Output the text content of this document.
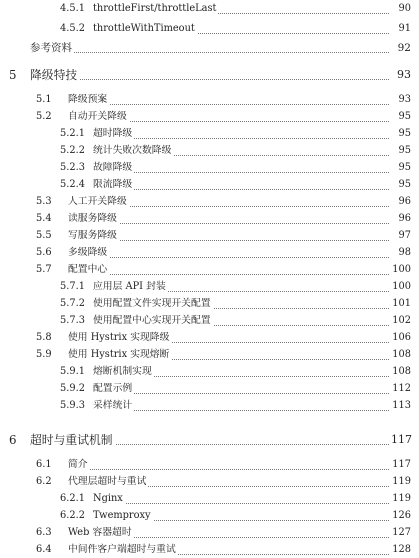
4.5.1 throttleFirst/throttleLast	90
4.5.2 throttleWithTimeout	91
参考资料	92
5 降级特技	93
5.1 降级预案	93
5.2 自动开关降级	95
5.2.1 超时降级	95
5.2.2 统计失败次数降级	95
5.2.3 故障降级	95
5.2.4 限流降级	95
5.3 人工开关降级	96
5.4 读服务降级	96
5.5 写服务降级	97
5.6 多级降级	98
5.7 配置中心	100
5.7.1 应用层 API 封装	100
5.7.2 使用配置文件实现开关配置	101
5.7.3 使用配置中心实现开关配置	102
5.8 使用 Hystrix 实现降级	106
5.9 使用 Hystrix 实现熔断	108
5.9.1 熔断机制实现	108
5.9.2 配置示例	112
5.9.3 采样统计	113
6 超时与重试机制	117
6.1 简介	117
6.2 代理层超时与重试	119
6.2.1 Nginx	119
6.2.2 Twemproxy	126
6.3 Web 容器超时	127
6.4 中间件客户端超时与重试	128
